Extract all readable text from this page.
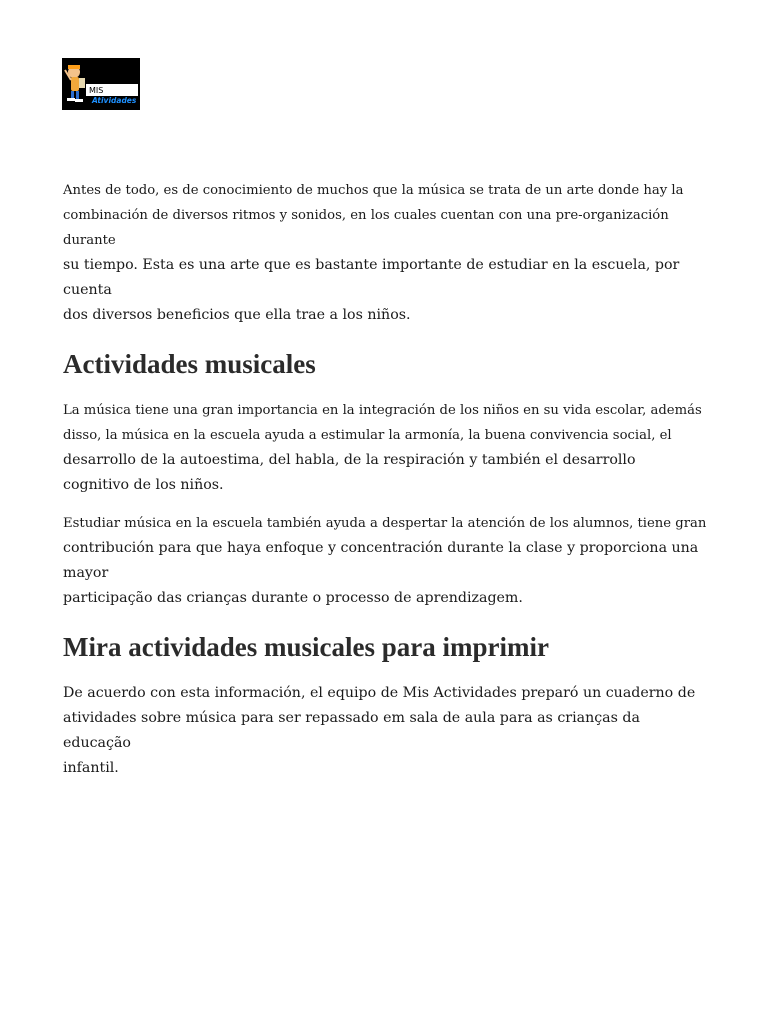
MIS
Atividades

Antes de todo, es de conocimiento de muchos que la música se trata de un arte donde hay la
combinación de diversos ritmos y sonidos, en los cuales cuentan con una pre-organización durante
su tiempo. Esta es una arte que es bastante importante de estudiar en la escuela, por cuenta
dos diversos beneficios que ella trae a los niños.

Actividades musicales

La música tiene una gran importancia en la integración de los niños en su vida escolar, además
disso, la música en la escuela ayuda a estimular la armonía, la buena convivencia social, el
desarrollo de la autoestima, del habla, de la respiración y también el desarrollo
cognitivo de los niños.

Estudiar música en la escuela también ayuda a despertar la atención de los alumnos, tiene gran
contribución para que haya enfoque y concentración durante la clase y proporciona una mayor
participação das crianças durante o processo de aprendizagem.

Mira actividades musicales para imprimir

De acuerdo con esta información, el equipo de Mis Actividades preparó un cuaderno de
atividades sobre música para ser repassado em sala de aula para as crianças da educação
infantil.
